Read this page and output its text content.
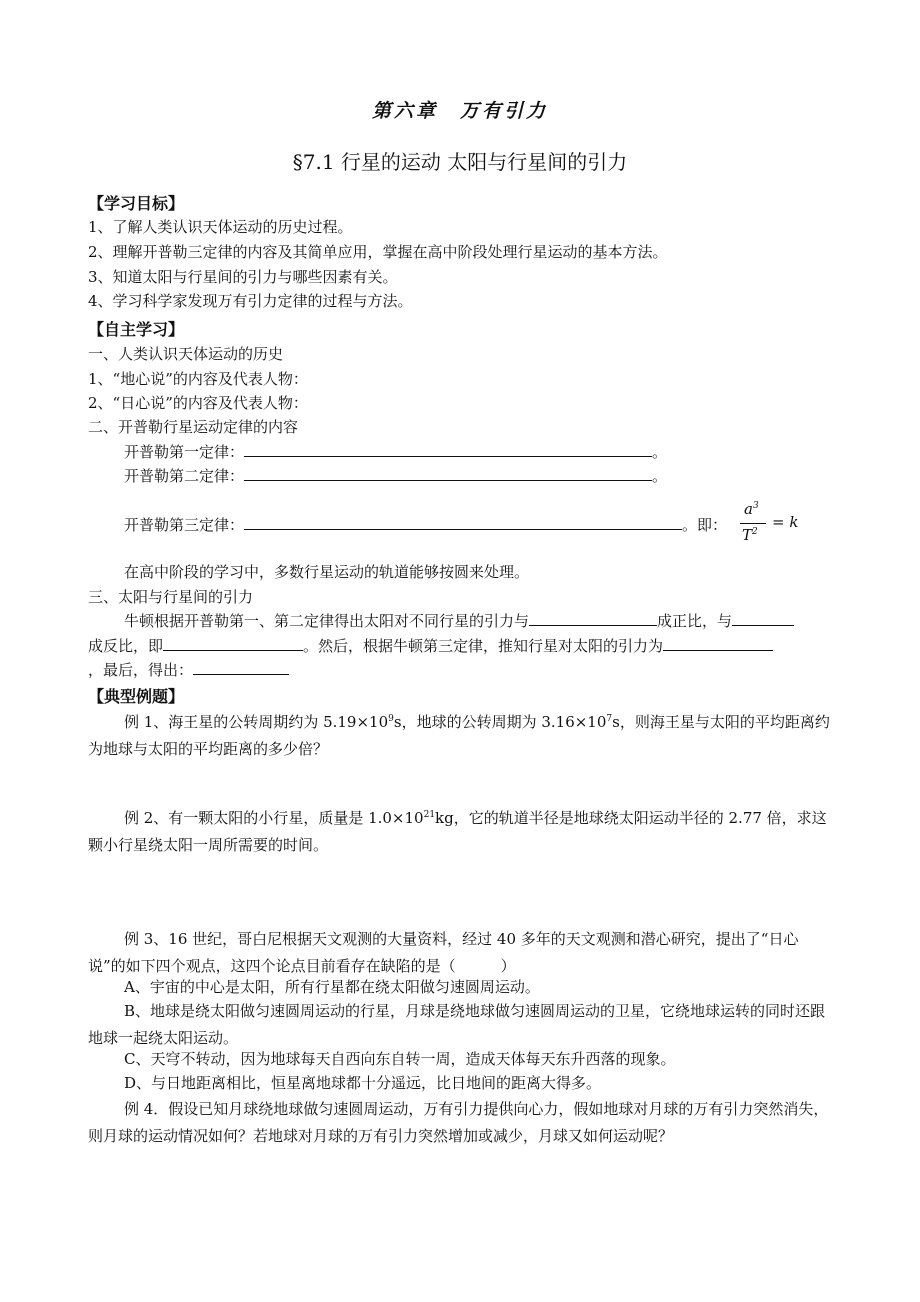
第六章　万有引力
§7.1 行星的运动 太阳与行星间的引力
【学习目标】
1、了解人类认识天体运动的历史过程。
2、理解开普勒三定律的内容及其简单应用，掌握在高中阶段处理行星运动的基本方法。
3、知道太阳与行星间的引力与哪些因素有关。
4、学习科学家发现万有引力定律的过程与方法。
【自主学习】
一、人类认识天体运动的历史
1、“地心说”的内容及代表人物：
2、“日心说”的内容及代表人物：
二、开普勒行星运动定律的内容
开普勒第一定律：	。
开普勒第二定律：	。
开普勒第三定律：	。即：
$a^3$
$T^2$
= k
在高中阶段的学习中，多数行星运动的轨道能够按圆来处理。
三、太阳与行星间的引力
牛顿根据开普勒第一、第二定律得出太阳对不同行星的引力与	成正比，与
成反比，即	。然后，根据牛顿第三定律，推知行星对太阳的引力为
，最后，得出：
【典型例题】
例 1、海王星的公转周期约为 $5.19\times 10^9s$，地球的公转周期为 $3.16\times 10^7s$，则海王星与太阳的平均距离约为地球与太阳的平均距离的多少倍？
例 2、有一颗太阳的小行星，质量是 $1.0\times 10^{21}kg$，它的轨道半径是地球绕太阳运动半径的 2.77 倍，求这颗小行星绕太阳一周所需要的时间。
例 3、16 世纪，哥白尼根据天文观测的大量资料，经过 40 多年的天文观测和潜心研究，提出了“日心说”的如下四个观点，这四个论点目前看存在缺陷的是（　　　）
A、宇宙的中心是太阳，所有行星都在绕太阳做匀速圆周运动。
B、地球是绕太阳做匀速圆周运动的行星，月球是绕地球做匀速圆周运动的卫星，它绕地球运转的同时还跟地球一起绕太阳运动。
C、天穹不转动，因为地球每天自西向东自转一周，造成天体每天东升西落的现象。
D、与日地距离相比，恒星离地球都十分遥远，比日地间的距离大得多。
例 4．假设已知月球绕地球做匀速圆周运动，万有引力提供向心力，假如地球对月球的万有引力突然消失，则月球的运动情况如何？若地球对月球的万有引力突然增加或减少，月球又如何运动呢？
